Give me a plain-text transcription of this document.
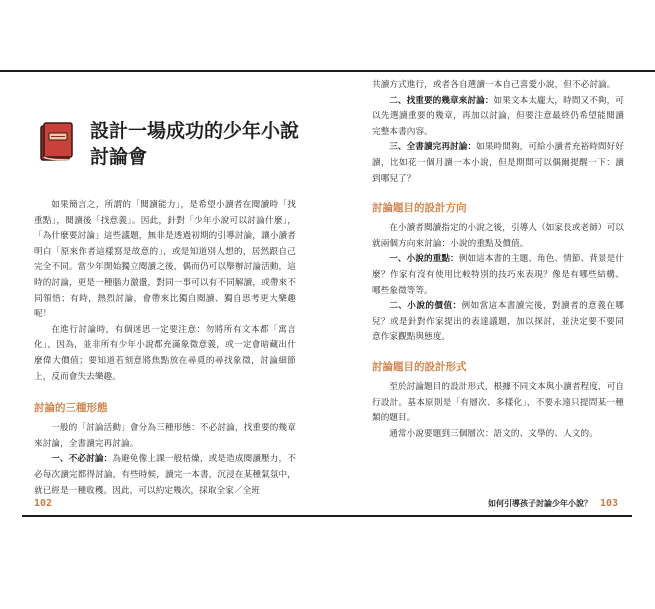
設計一場成功的少年小說
討論會

如果簡言之，所謂的「閱讀能力」，是希望小讀者在閱讀時「找重點」，閱讀後「找意義」。因此，針對「少年小說可以討論什麼」，「為什麼要討論」這些議題，無非是透過初期的引導討論，讓小讀者明白「原來作者這樣寫是故意的」，或是知道別人想的，居然跟自己完全不同。當少年開始獨立閱讀之後，偶而仍可以舉辦討論活動，這時的討論，更是一種腦力激盪，對同一事可以有不同解讀，或帶來不同領悟；有時，熱烈討論，會帶來比獨自閱讀、獨自思考更大樂趣呢！

在進行討論時，有個迷思一定要注意：勿將所有文本都「寓言化」，因為，並非所有少年小說都充滿象徵意義，或一定會暗藏出什麼偉大價值；要知道若刻意將焦點放在尋覓的尋找象徵，討論細節上，反而會失去樂趣。

討論的三種形態

一般的「討論活動」會分為三種形態：不必討論，找重要的幾章來討論，全書讀完再討論。

一、不必討論：為避免像上課一般枯燥，或是造成閱讀壓力，不必每次讀完都得討論，有些時候，讀完一本書，沉浸在某種氣氛中，就已經是一種收穫。因此，可以約定幾次，採取全家／全班

共讀方式進行，或者各自選讀一本自己喜愛小說，但不必討論。

二、找重要的幾章來討論：如果文本太龐大，時間又不夠，可以先選讀重要的幾章，再加以討論，但要注意最終仍希望能閱讀完整本書內容。

三、全書讀完再討論：如果時間夠，可給小讀者充裕時間好好讀，比如花一個月讀一本小說，但是期間可以偶爾提醒一下：讀到哪兒了？

討論題目的設計方向

在小讀者閱讀指定的小說之後，引導人（如家長或老師）可以就兩個方向來討論：小說的重點及價值。

一、小說的重點：例如這本書的主題、角色、情節、背景是什麼？作家有沒有使用比較特別的技巧來表現？像是有哪些結構、哪些象徵等等。

二、小說的價值：例如當這本書讀完後，對讀者的意義在哪兒？或是針對作家提出的表達議題，加以探討，並決定要不要同意作家觀點與態度。

討論題目的設計形式

至於討論題目的設計形式，根據不同文本與小讀者程度，可自行設計。基本原則是「有層次、多樣化」，不要永遠只提問某一種類的題目。

通常小說要題到三個層次：語文的、文學的、人文的。

102	如何引導孩子討論少年小說？ 103
